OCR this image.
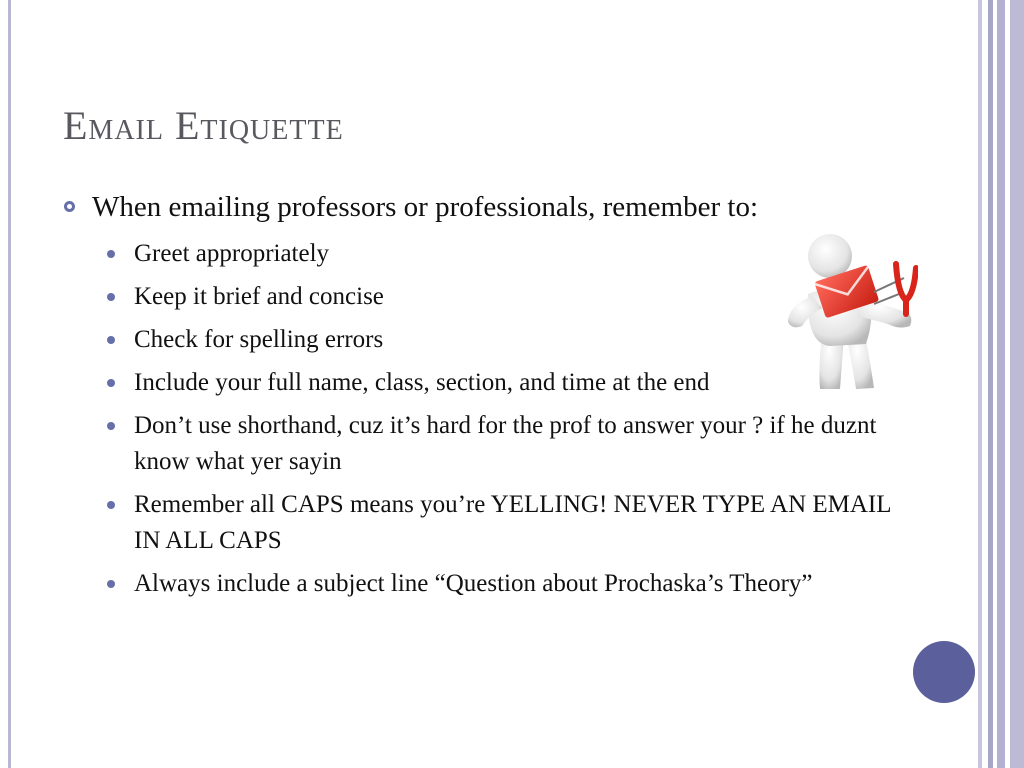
Email Etiquette
When emailing professors or professionals, remember to:
Greet appropriately
Keep it brief and concise
Check for spelling errors
Include your full name, class, section, and time at the end
Don’t use shorthand, cuz it’s hard for the prof to answer your ? if he duznt know what yer sayin
Remember all CAPS means you’re YELLING! NEVER TYPE AN EMAIL IN ALL CAPS
Always include a subject line “Question about Prochaska’s Theory”
